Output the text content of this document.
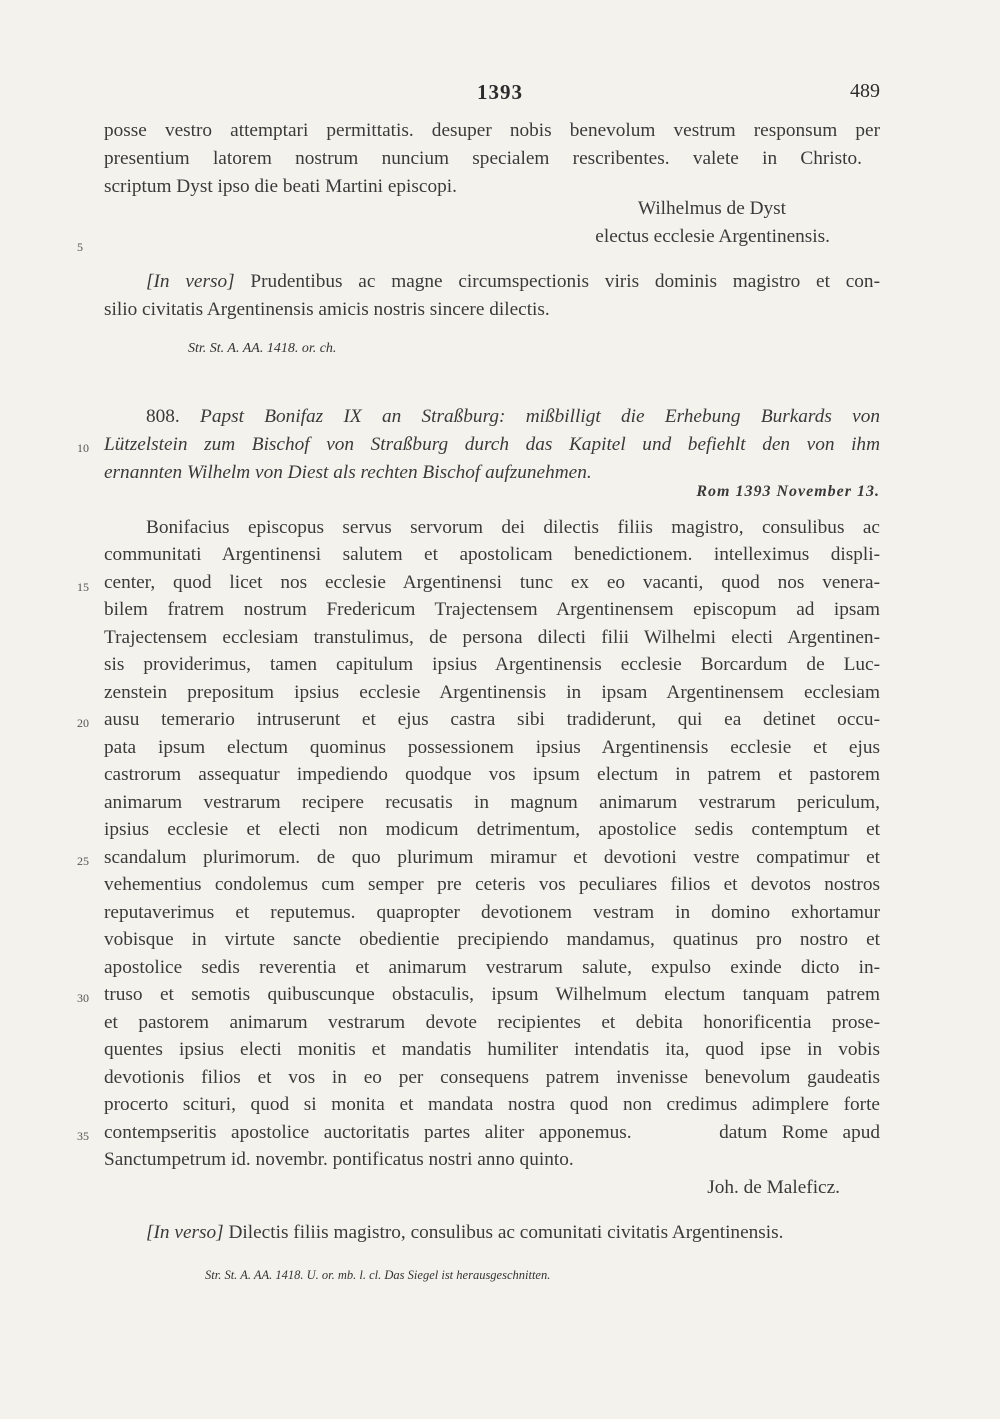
1393	489
posse vestro attemptari permittatis. desuper nobis benevolum vestrum responsum per
presentium latorem nostrum nuncium specialem rescribentes. valete in Christo.
scriptum Dyst ipso die beati Martini episcopi.
Wilhelmus de Dyst
electus ecclesie Argentinensis.
5
[In verso] Prudentibus ac magne circumspectionis viris dominis magistro et con-
silio civitatis Argentinensis amicis nostris sincere dilectis.
Str. St. A. AA. 1418. or. ch.
808. Papst Bonifaz IX an Straßburg: mißbilligt die Erhebung Burkards von
10 Lützelstein zum Bischof von Straßburg durch das Kapitel und befiehlt den von ihm
ernannten Wilhelm von Diest als rechten Bischof aufzunehmen.
Rom 1393 November 13.
Bonifacius episcopus servus servorum dei dilectis filiis magistro, consulibus ac
communitati Argentinensi salutem et apostolicam benedictionem. intelleximus displi-
15 center, quod licet nos ecclesie Argentinensi tunc ex eo vacanti, quod nos venera-
bilem fratrem nostrum Fredericum Trajectensem Argentinensem episcopum ad ipsam
Trajectensem ecclesiam transtulimus, de persona dilecti filii Wilhelmi electi Argentinen-
sis providerimus, tamen capitulum ipsius Argentinensis ecclesie Borcardum de Luc-
zenstein prepositum ipsius ecclesie Argentinensis in ipsam Argentinensem ecclesiam
20 ausu temerario intruserunt et ejus castra sibi tradiderunt, qui ea detinet occu-
pata ipsum electum quominus possessionem ipsius Argentinensis ecclesie et ejus
castrorum assequatur impediendo quodque vos ipsum electum in patrem et pastorem
animarum vestrarum recipere recusatis in magnum animarum vestrarum periculum,
ipsius ecclesie et electi non modicum detrimentum, apostolice sedis contemptum et
25 scandalum plurimorum. de quo plurimum miramur et devotioni vestre compatimur et
vehementius condolemus cum semper pre ceteris vos peculiares filios et devotos nostros
reputaverimus et reputemus. quapropter devotionem vestram in domino exhortamur
vobisque in virtute sancte obedientie precipiendo mandamus, quatinus pro nostro et
apostolice sedis reverentia et animarum vestrarum salute, expulso exinde dicto in-
30 truso et semotis quibuscunque obstaculis, ipsum Wilhelmum electum tanquam patrem
et pastorem animarum vestrarum devote recipientes et debita honorificentia prose-
quentes ipsius electi monitis et mandatis humiliter intendatis ita, quod ipse in vobis
devotionis filios et vos in eo per consequens patrem invenisse benevolum gaudeatis
procerto sciturі, quod si monita et mandata nostra quod non credimus adimplere forte
35 contempseritis apostolice auctoritatis partes aliter apponemus.      datum Rome apud
Sanctumpetrum id. novembr. pontificatus nostri anno quinto.
Joh. de Maleficz.
[In verso] Dilectis filiis magistro, consulibus ac comunitati civitatis Argentinensis.
Str. St. A. AA. 1418. U. or. mb. l. cl. Das Siegel ist herausgeschnitten.
